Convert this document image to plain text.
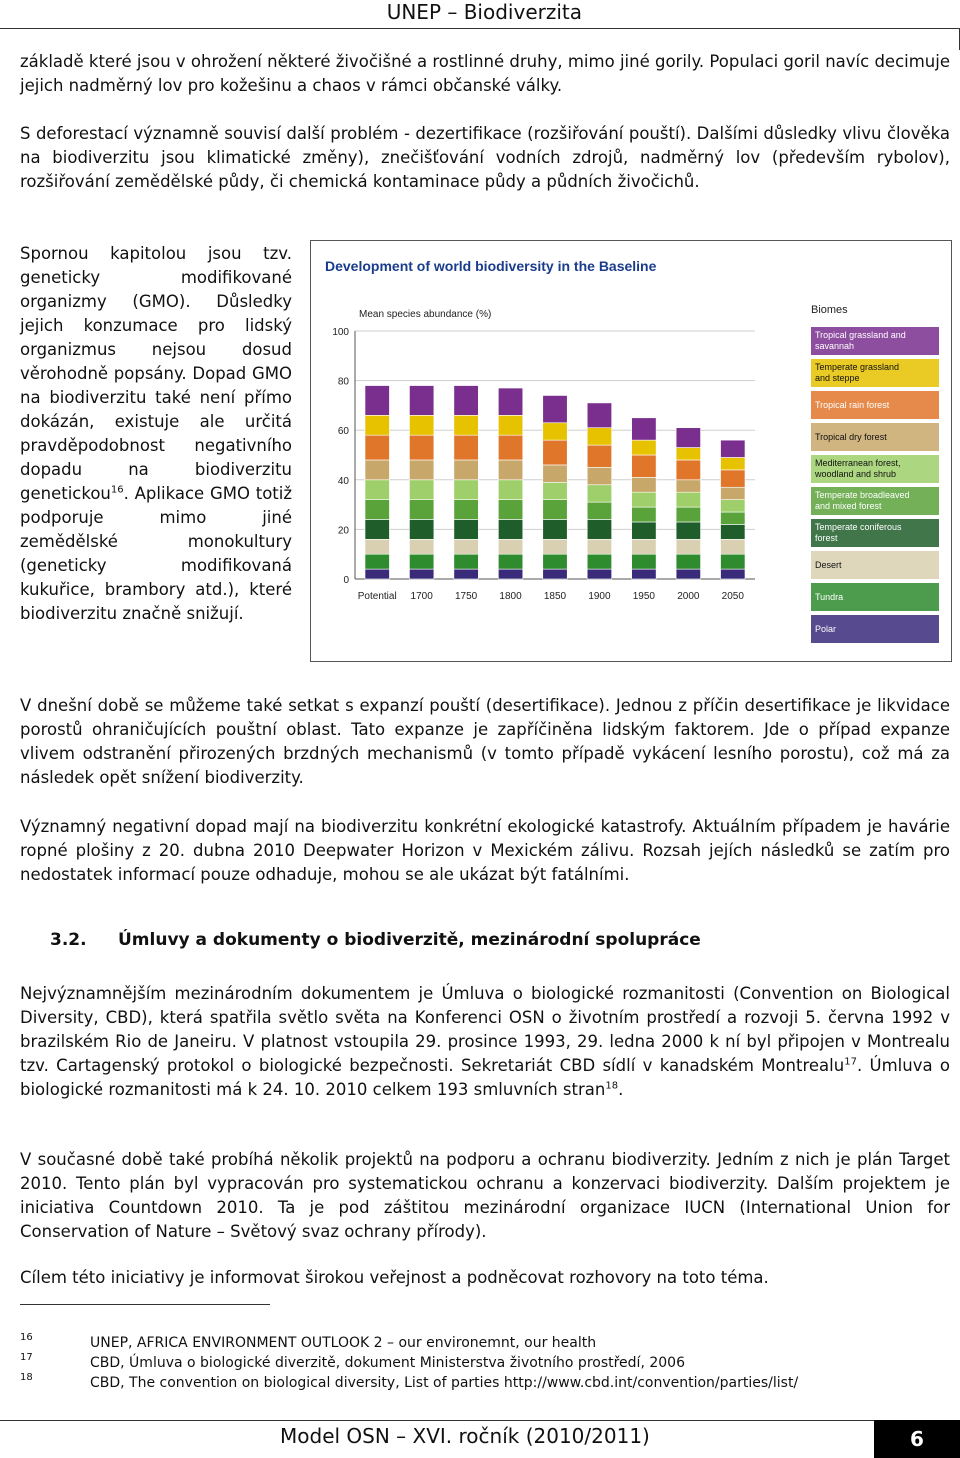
UNEP – Biodiverzita

základě které jsou v ohrožení některé živočišné a rostlinné druhy, mimo jiné gorily. Populaci goril navíc decimuje jejich nadměrný lov pro kožešinu a chaos v rámci občanské války.

S deforestací významně souvisí další problém - dezertifikace (rozšiřování pouští). Dalšími důsledky vlivu člověka na biodiverzitu jsou klimatické změny), znečišťování vodních zdrojů, nadměrný lov (především rybolov), rozšiřování zemědělské půdy, či chemická kontaminace půdy a půdních živočichů.

Spornou kapitolou jsou tzv. geneticky modifikované organizmy (GMO). Důsledky jejich konzumace pro lidský organizmus nejsou dosud věrohodně popsány. Dopad GMO na biodiverzitu také není přímo dokázán, existuje ale určitá pravděpodobnost negativního dopadu na biodiverzitu genetickou$^{16}$. Aplikace GMO totiž podporuje mimo jiné zemědělské monokultury (geneticky modifikovaná kukuřice, brambory atd.), které biodiverzitu značně snižují.

Development of world biodiversity in the Baseline
Mean species abundance (%)
0
20
40
60
80
100
Potential 1700 1750 1800 1850 1900 1950 2000 2050
Biomes
Tropical grassland and
savannah
Temperate grassland
and steppe
Tropical rain forest
Tropical dry forest
Mediterranean forest,
woodland and shrub
Temperate broadleaved
and mixed forest
Temperate coniferous
forest
Desert
Tundra
Polar

V dnešní době se můžeme také setkat s expanzí pouští (desertifikace). Jednou z příčin desertifikace je likvidace porostů ohraničujících pouštní oblast. Tato expanze je zapříčiněna lidským faktorem. Jde o případ expanze vlivem odstranění přirozených brzdných mechanismů (v tomto případě vykácení lesního porostu), což má za následek opět snížení biodiverzity.

Významný negativní dopad mají na biodiverzitu konkrétní ekologické katastrofy. Aktuálním případem je havárie ropné plošiny z 20. dubna 2010 Deepwater Horizon v Mexickém zálivu. Rozsah jejích následků se zatím pro nedostatek informací pouze odhaduje, mohou se ale ukázat být fatálními.

3.2. Úmluvy a dokumenty o biodiverzitě, mezinárodní spolupráce

Nejvýznamnějším mezinárodním dokumentem je Úmluva o biologické rozmanitosti (Convention on Biological Diversity, CBD), která spatřila světlo světa na Konferenci OSN o životním prostředí a rozvoji 5. června 1992 v brazilském Rio de Janeiru. V platnost vstoupila 29. prosince 1993, 29. ledna 2000 k ní byl připojen v Montrealu tzv. Cartagenský protokol o biologické bezpečnosti. Sekretariát CBD sídlí v kanadském Montrealu$^{17}$. Úmluva o biologické rozmanitosti má k 24. 10. 2010 celkem 193 smluvních stran$^{18}$.

V současné době také probíhá několik projektů na podporu a ochranu biodiverzity. Jedním z nich je plán Target 2010. Tento plán byl vypracován pro systematickou ochranu a konzervaci biodiverzity. Dalším projektem je iniciativa Countdown 2010. Ta je pod záštitou mezinárodní organizace IUCN (International Union for Conservation of Nature – Světový svaz ochrany přírody).

Cílem této iniciativy je informovat širokou veřejnost a podněcovat rozhovory na toto téma.

16	UNEP, AFRICA ENVIRONMENT OUTLOOK 2 – our environemnt, our health
17	CBD, Úmluva o biologické diverzitě, dokument Ministerstva životního prostředí, 2006
18	CBD, The convention on biological diversity, List of parties http://www.cbd.int/convention/parties/list/
Model OSN – XVI. ročník (2010/2011)	6
